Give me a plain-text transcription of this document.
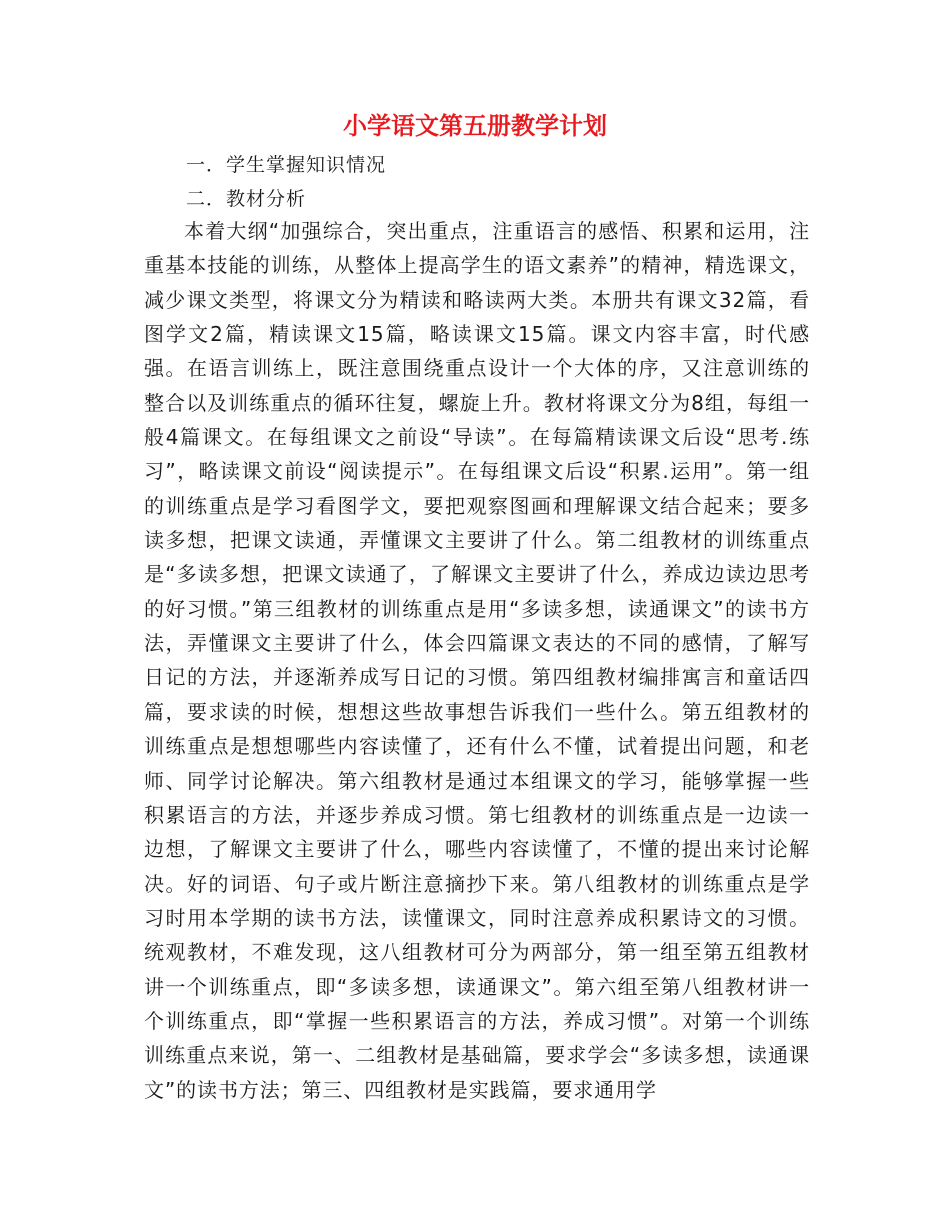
小学语文第五册教学计划
一．学生掌握知识情况
二．教材分析

本着大纲“加强综合，突出重点，注重语言的感悟、积累和运用，注重基本技能的训练，从整体上提高学生的语文素养”的精神，精选课文，减少课文类型，将课文分为精读和略读两大类。本册共有课文32篇，看图学文2篇，精读课文15篇，略读课文15篇。课文内容丰富，时代感强。在语言训练上，既注意围绕重点设计一个大体的序，又注意训练的整合以及训练重点的循环往复，螺旋上升。教材将课文分为8组，每组一般4篇课文。在每组课文之前设“导读”。在每篇精读课文后设“思考.练习”，略读课文前设“阅读提示”。在每组课文后设“积累.运用”。第一组的训练重点是学习看图学文，要把观察图画和理解课文结合起来；要多读多想，把课文读通，弄懂课文主要讲了什么。第二组教材的训练重点是“多读多想，把课文读通了，了解课文主要讲了什么，养成边读边思考的好习惯。”第三组教材的训练重点是用“多读多想，读通课文”的读书方法，弄懂课文主要讲了什么，体会四篇课文表达的不同的感情，了解写日记的方法，并逐渐养成写日记的习惯。第四组教材编排寓言和童话四篇，要求读的时候，想想这些故事想告诉我们一些什么。第五组教材的训练重点是想想哪些内容读懂了，还有什么不懂，试着提出问题，和老师、同学讨论解决。第六组教材是通过本组课文的学习，能够掌握一些积累语言的方法，并逐步养成习惯。第七组教材的训练重点是一边读一边想，了解课文主要讲了什么，哪些内容读懂了，不懂的提出来讨论解决。好的词语、句子或片断注意摘抄下来。第八组教材的训练重点是学习时用本学期的读书方法，读懂课文，同时注意养成积累诗文的习惯。统观教材，不难发现，这八组教材可分为两部分，第一组至第五组教材讲一个训练重点，即“多读多想，读通课文”。第六组至第八组教材讲一个训练重点，即“掌握一些积累语言的方法，养成习惯”。对第一个训练训练重点来说，第一、二组教材是基础篇，要求学会“多读多想，读通课文”的读书方法；第三、四组教材是实践篇，要求通用学
